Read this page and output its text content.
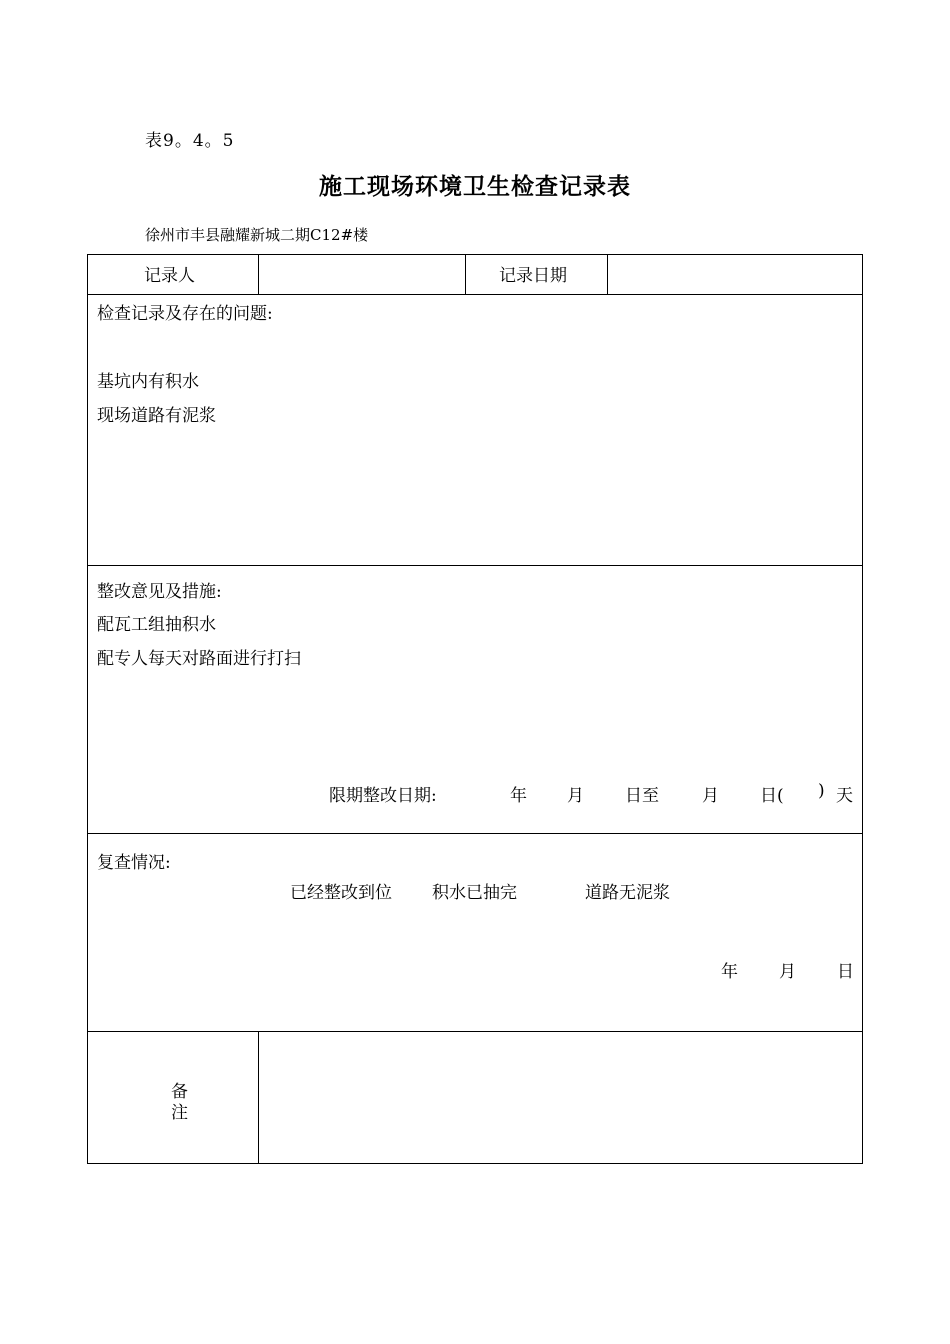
表9。4。5
施工现场环境卫生检查记录表
徐州市丰县融耀新城二期C12#楼
记录人	记录日期
检查记录及存在的问题:
基坑内有积水
现场道路有泥浆
整改意见及措施:
配瓦工组抽积水
配专人每天对路面进行打扫
限期整改日期:	年 月 日至	月 日( ) 天
复查情况:
已经整改到位 积水已抽完	道路无泥浆
年 月 日
备
注
